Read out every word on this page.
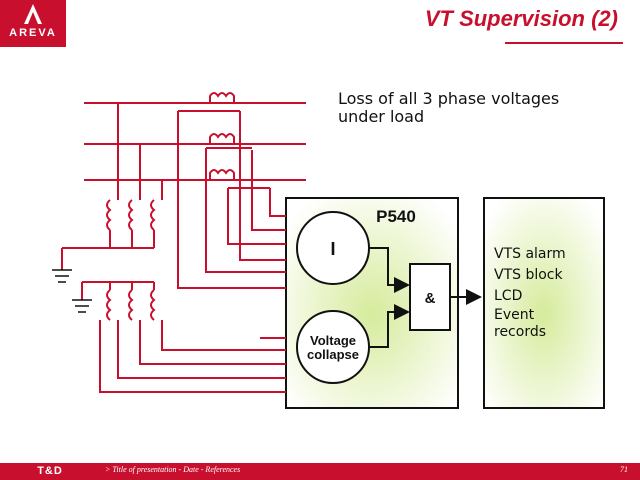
AREVA
VT Supervision (2)
Loss of all 3 phase voltages under load
I
Voltage
collapse
P540
&
VTS alarm
VTS block
LCD
Event records
T&D	> Title of presentation - Date - References	71
